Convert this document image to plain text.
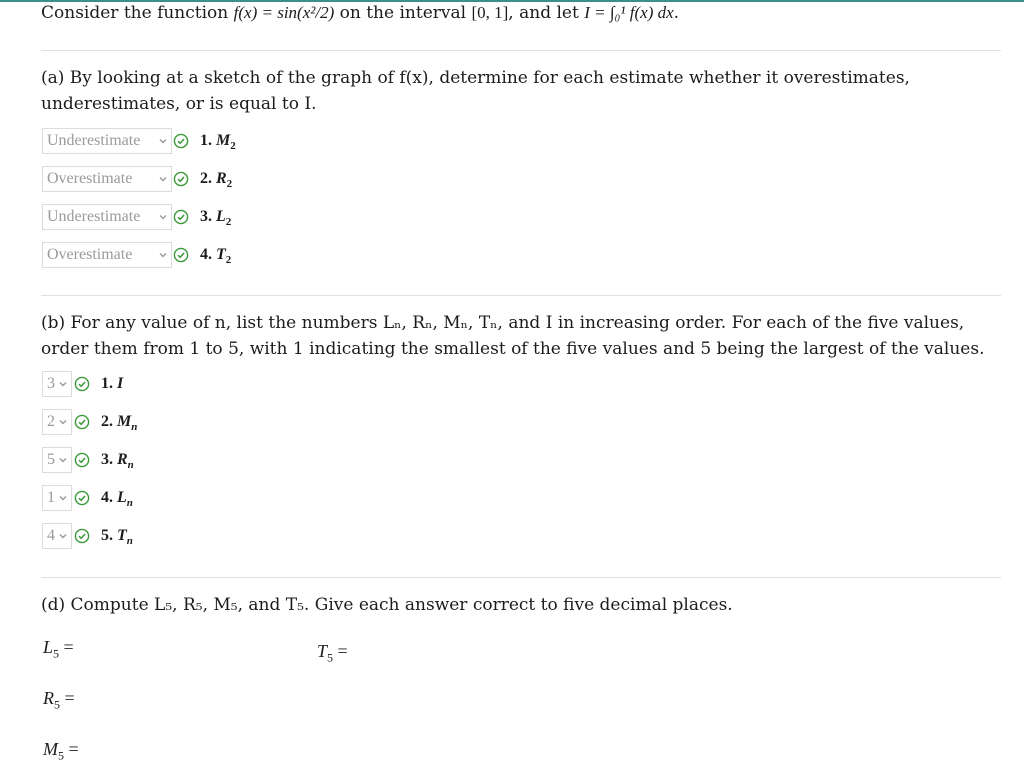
Consider the function f(x) = sin(x²/2) on the interval [0, 1], and let I = ∫₀¹ f(x) dx.
(a) By looking at a sketch of the graph of f(x), determine for each estimate whether it overestimates, underestimates, or is equal to I.
Underestimate	1. $M_2$
Overestimate	2. $R_2$
Underestimate	3. $L_2$
Overestimate	4. $T_2$
(b) For any value of n, list the numbers Lₙ, Rₙ, Mₙ, Tₙ, and I in increasing order. For each of the five values, order them from 1 to 5, with 1 indicating the smallest of the five values and 5 being the largest of the values.
3	1. I
2	2. $M_n$
5	3. $R_n$
1	4. $L_n$
4	5. $T_n$
(d) Compute L₅, R₅, M₅, and T₅. Give each answer correct to five decimal places.
$L_5$ =	$T_5$ =
$R_5$ =
$M_5$ =
